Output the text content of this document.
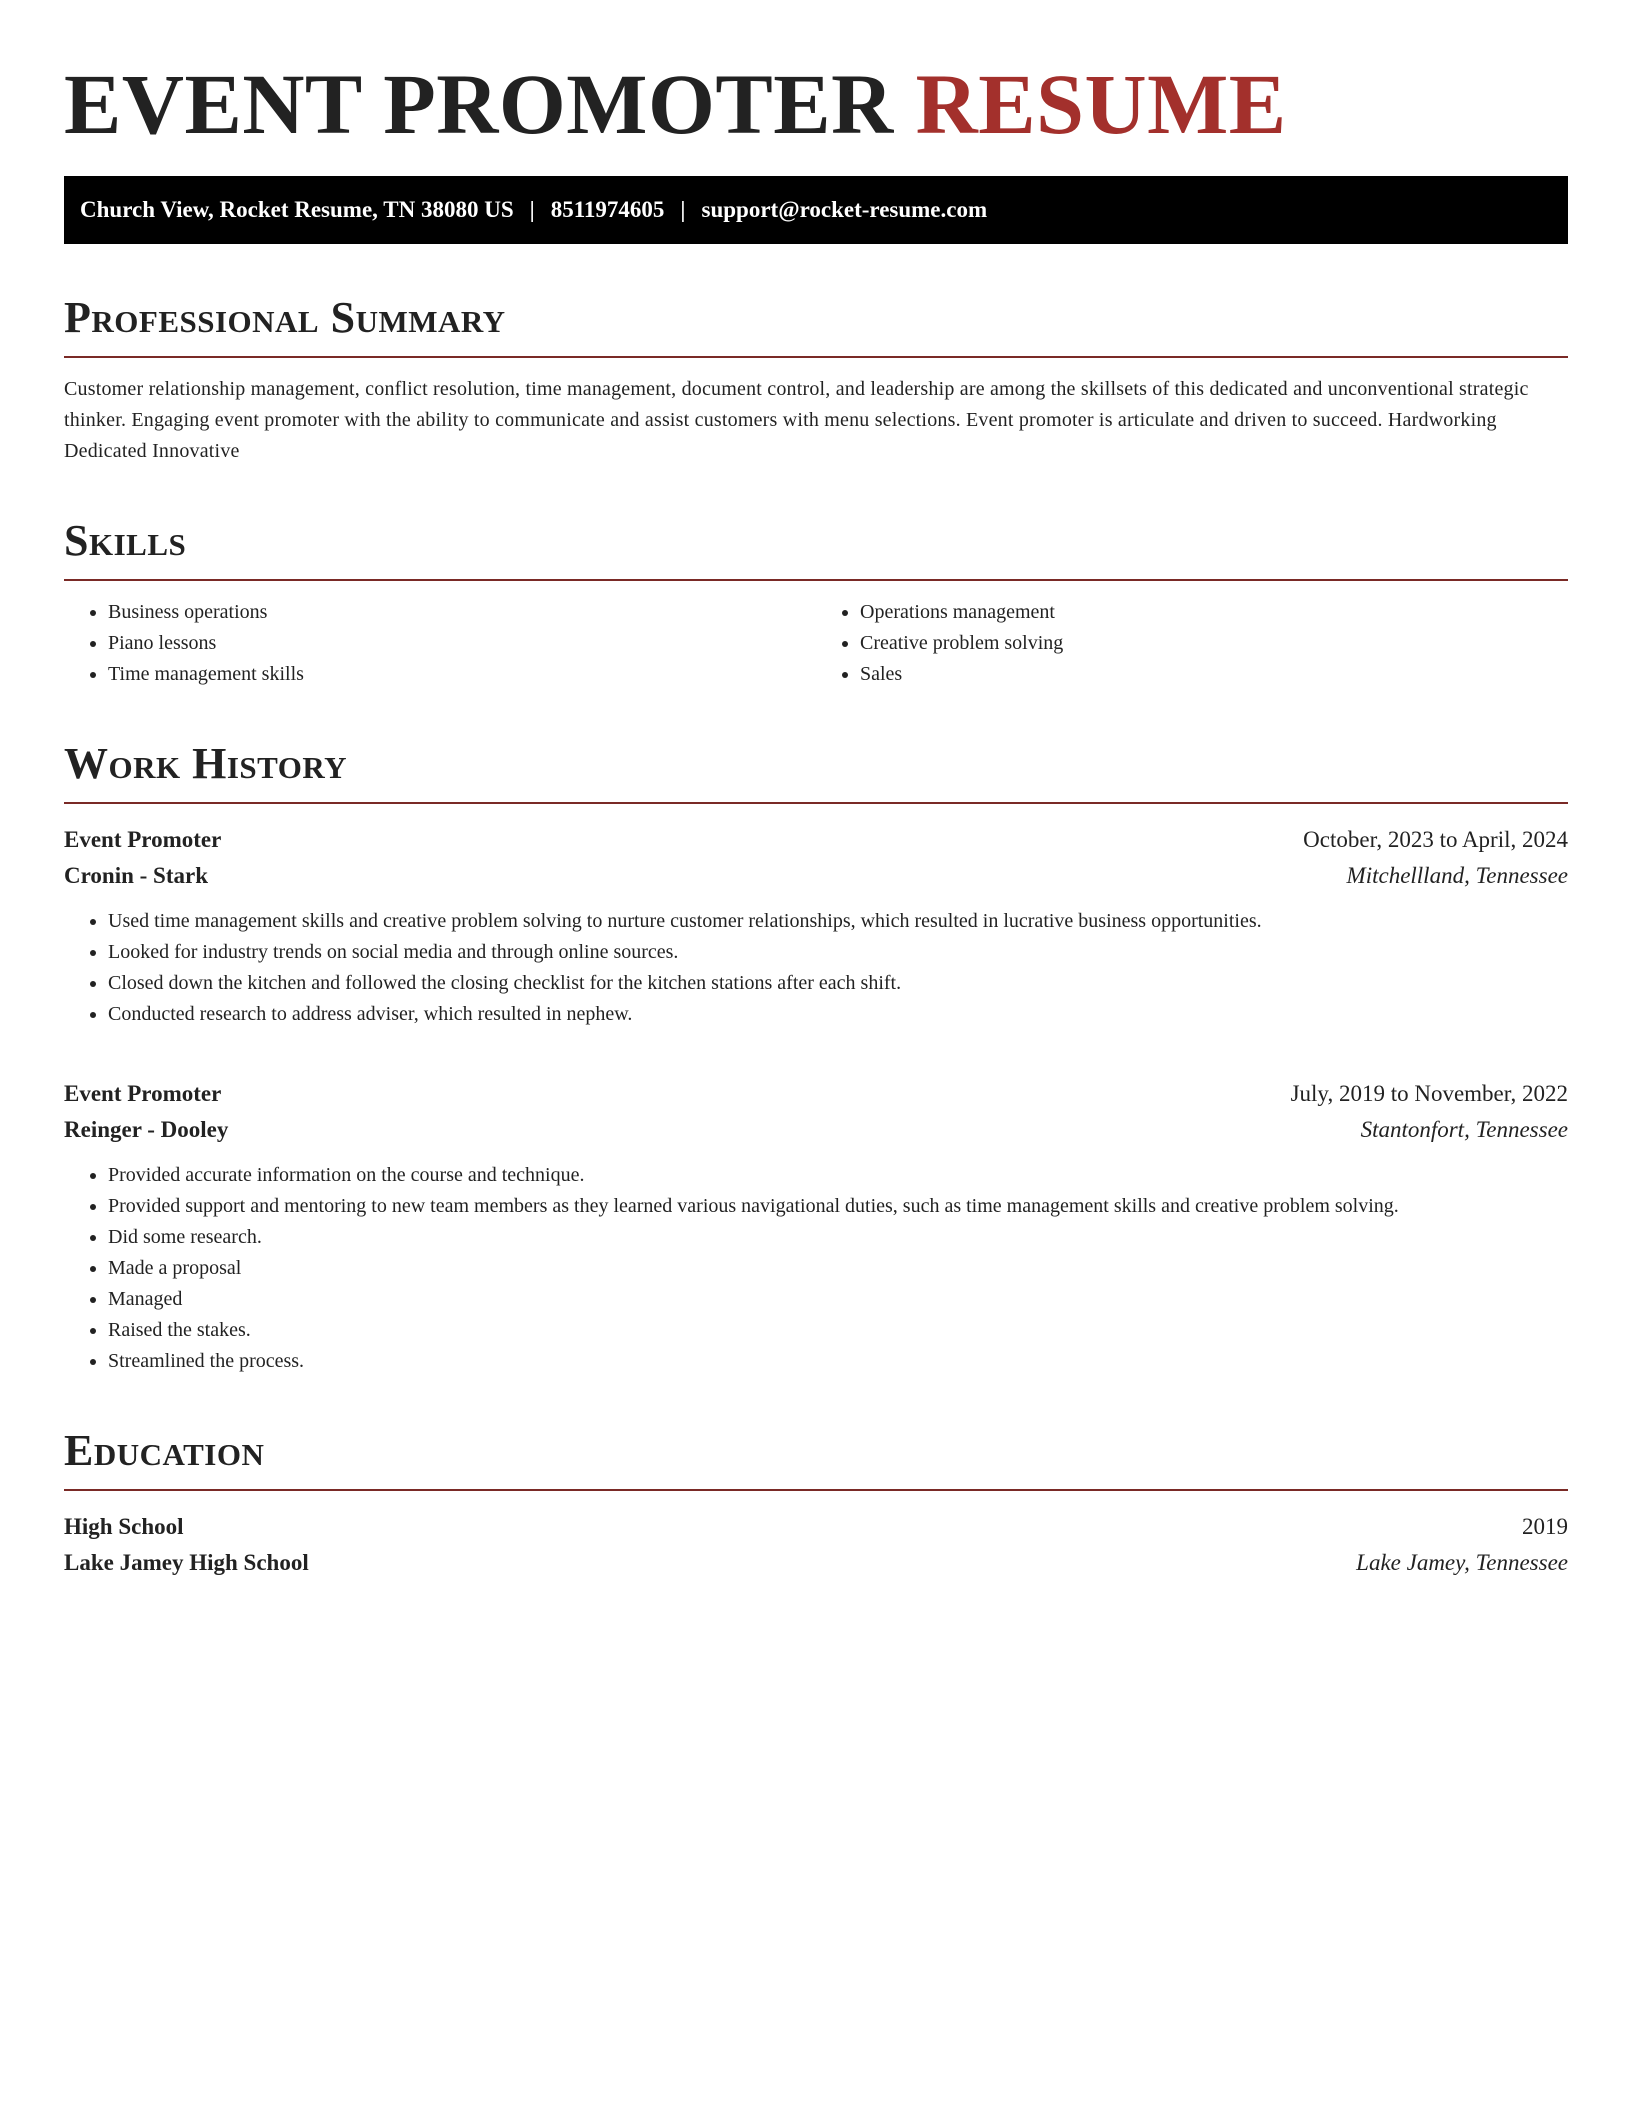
EVENT PROMOTER RESUME
Church View, Rocket Resume, TN 38080 US | 8511974605 | support@rocket-resume.com
Professional Summary

Customer relationship management, conflict resolution, time management, document control, and leadership are among the skillsets of this dedicated and unconventional strategic thinker. Engaging event promoter with the ability to communicate and assist customers with menu selections. Event promoter is articulate and driven to succeed. Hardworking Dedicated Innovative

Skills
• Business operations
• Piano lessons
• Time management skills
• Operations management
• Creative problem solving
• Sales
Work History
Event Promoter	October, 2023 to April, 2024
Cronin - Stark	Mitchellland, Tennessee
• Used time management skills and creative problem solving to nurture customer relationships, which resulted in lucrative business opportunities.
• Looked for industry trends on social media and through online sources.
• Closed down the kitchen and followed the closing checklist for the kitchen stations after each shift.
• Conducted research to address adviser, which resulted in nephew.
Event Promoter	July, 2019 to November, 2022
Reinger - Dooley	Stantonfort, Tennessee
• Provided accurate information on the course and technique.
• Provided support and mentoring to new team members as they learned various navigational duties, such as time management skills and creative problem solving.
• Did some research.
• Made a proposal
• Managed
• Raised the stakes.
• Streamlined the process.
Education
High School	2019
Lake Jamey High School	Lake Jamey, Tennessee
